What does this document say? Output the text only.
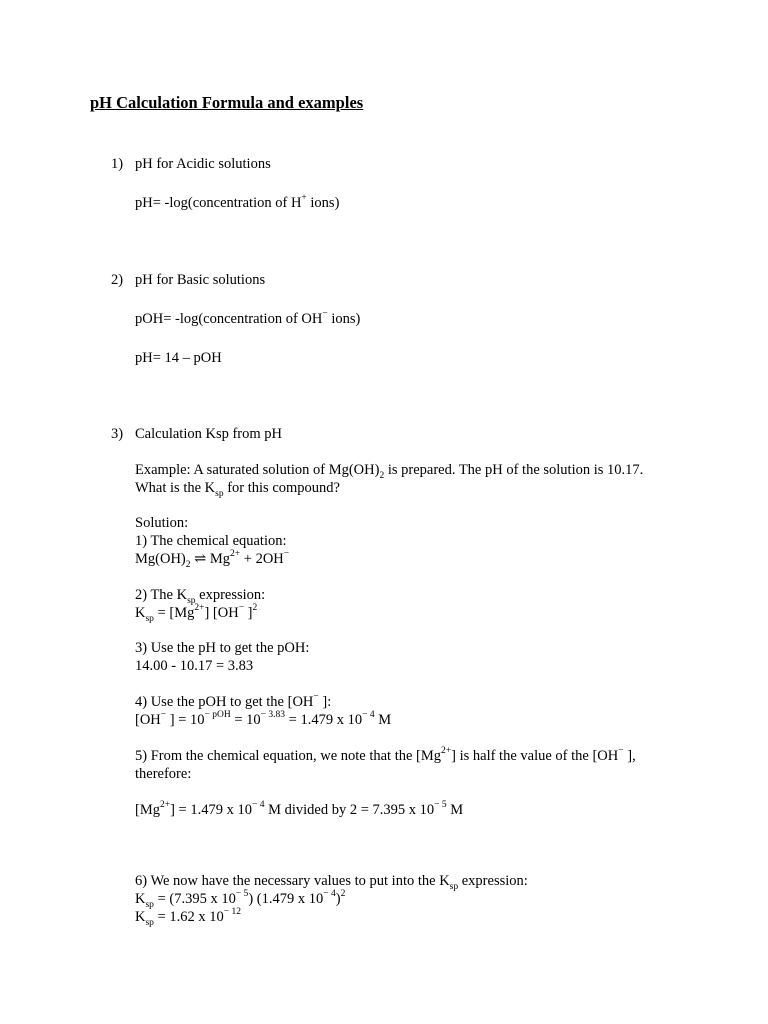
pH Calculation Formula and examples
1) pH for Acidic solutions
pH= -log(concentration of H+ ions)
2) pH for Basic solutions
pOH= -log(concentration of OH− ions)
pH= 14 – pOH
3) Calculation Ksp from pH
Example: A saturated solution of $Mg(OH)_2$ is prepared. The pH of the solution is 10.17.
What is the $K_{sp}$ for this compound?
Solution:
1) The chemical equation:
$Mg(OH)_2$ ⇌ $Mg^{2+} + 2OH^-$
2) The $K_{sp}$ expression:
$K_{sp} = [Mg^{2+}]$ [OH− ]$^2$
3) Use the pH to get the pOH:
14.00 - 10.17 = 3.83
4) Use the pOH to get the [OH− ]:
[OH− ] = $10^{- pOH} = 10^{- 3.83} = 1.479$ x $10^{- 4}$ M
5) From the chemical equation, we note that the $[Mg^{2+}]$ is half the value of the [OH− ],
therefore:
$[Mg^{2+}] = 1.479$ x $10^{- 4}$ M divided by 2 = 7.395 x $10^{- 5}$ M
6) We now have the necessary values to put into the $K_{sp}$ expression:
$K_{sp} = (7.395$ x $10^{- 5}$) (1.479 x $10^{- 4})^2$
$K_{sp} = 1.62$ x $10^{- 12}$
